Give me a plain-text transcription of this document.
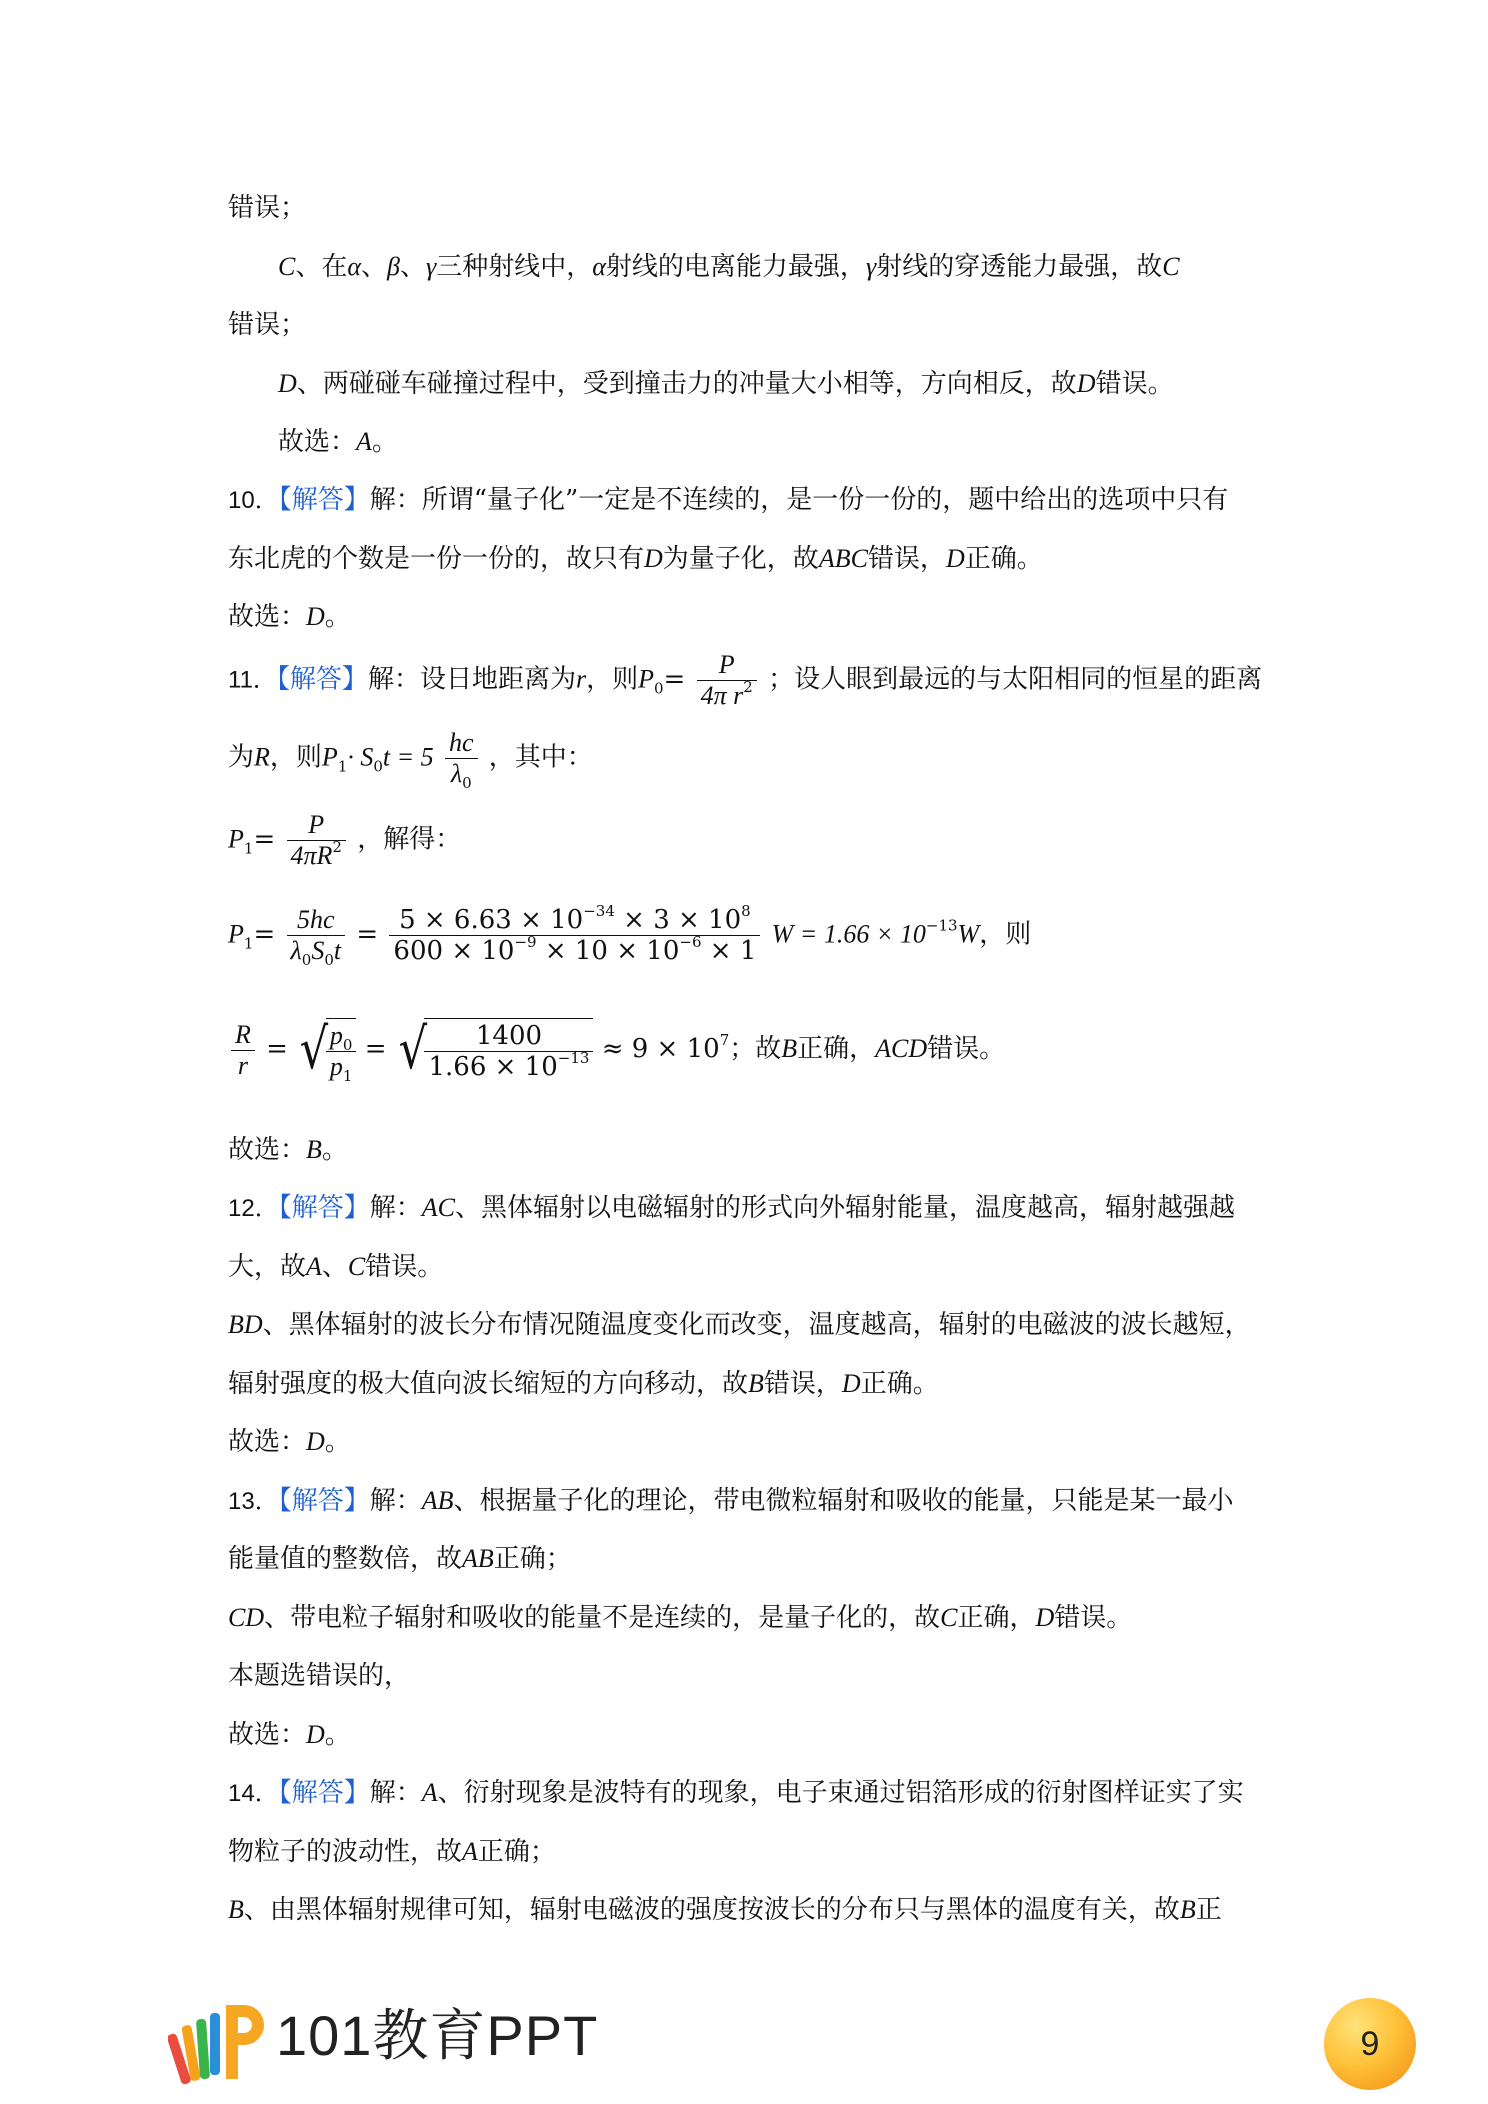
错误；
C、在α、β、γ三种射线中，α射线的电离能力最强，γ射线的穿透能力最强，故C
错误；
D、两碰碰车碰撞过程中，受到撞击力的冲量大小相等，方向相反，故D错误。
故选：A。
10．【解答】解：所谓“量子化”一定是不连续的，是一份一份的，题中给出的选项中只有
东北虎的个数是一份一份的，故只有D为量子化，故ABC错误，D正确。
故选：D。
11．【解答】解：设日地距离为r，则$P_0= \frac{P}{4\pi r^2}$ ；设人眼到最远的与太阳相同的恒星的距离
为R，则$P_1\cdot S_0t = 5 \frac{hc}{\lambda_0}$ ，其中：
$P_1= \frac{P}{4\pi R^2}$ ，解得：
$P_1= \frac{5hc}{\lambda_0S_0t} = \frac{5 \times 6.63 \times 10^{-34} \times 3 \times 10^8}{600 \times 10^{-9} \times 10 \times 10^{-6} \times 1}$ $W = 1.66 \times 10^{-13}W$，则
$\frac{R}{r}$ = √
$\frac{p_0}{p_1}$ = √
$\frac{1400}{1.66 \times 10^{-13}} \approx 9 \times 10^7$；故B正确，ACD错误。
故选：B。
12．【解答】解：AC、黑体辐射以电磁辐射的形式向外辐射能量，温度越高，辐射越强越
大，故A、C错误。
BD、黑体辐射的波长分布情况随温度变化而改变，温度越高，辐射的电磁波的波长越短，
辐射强度的极大值向波长缩短的方向移动，故B错误，D正确。
故选：D。
13．【解答】解：AB、根据量子化的理论，带电微粒辐射和吸收的能量，只能是某一最小
能量值的整数倍，故AB正确；
CD、带电粒子辐射和吸收的能量不是连续的，是量子化的，故C正确，D错误。
本题选错误的，
故选：D。
14．【解答】解：A、衍射现象是波特有的现象，电子束通过铝箔形成的衍射图样证实了实
物粒子的波动性，故A正确；
B、由黑体辐射规律可知，辐射电磁波的强度按波长的分布只与黑体的温度有关，故B正
101教育PPT	9
